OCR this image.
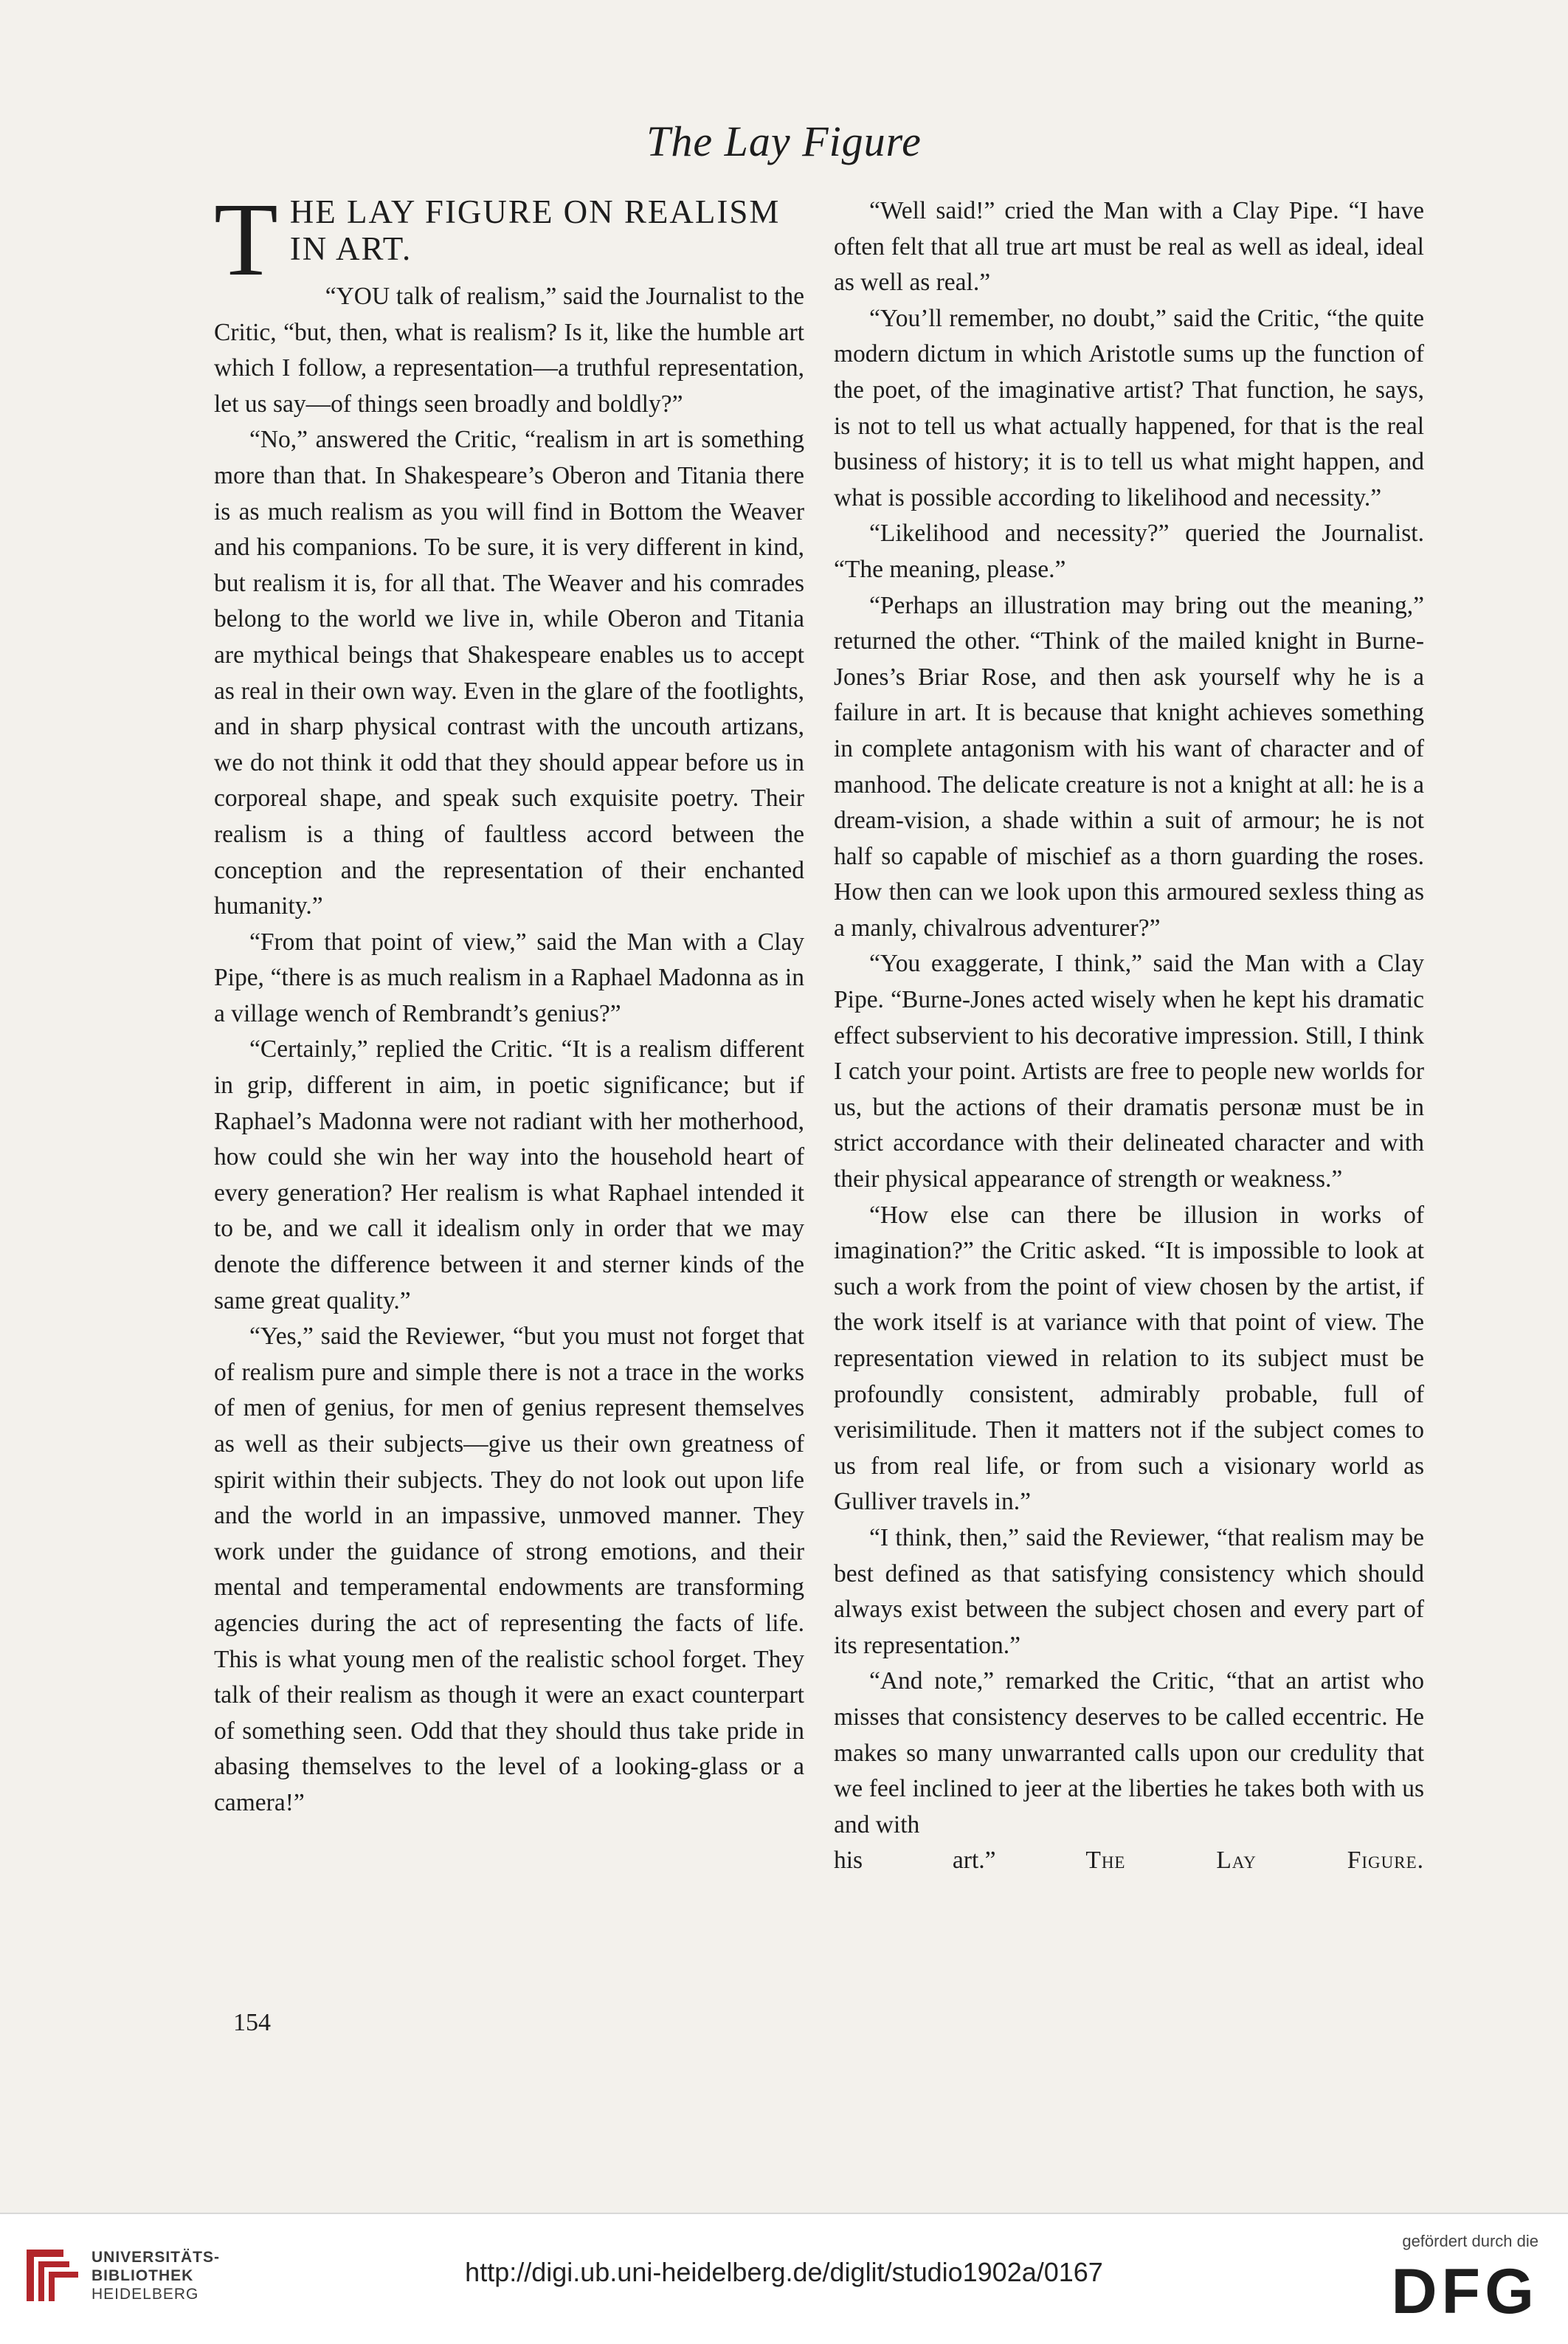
The Lay Figure
T HE LAY FIGURE ON REALISM IN ART.

“YOU talk of realism,” said the Journalist to the Critic, “but, then, what is realism? Is it, like the humble art which I follow, a representation—a truthful representation, let us say—of things seen broadly and boldly?”

“No,” answered the Critic, “realism in art is something more than that. In Shakespeare’s Oberon and Titania there is as much realism as you will find in Bottom the Weaver and his companions. To be sure, it is very different in kind, but realism it is, for all that. The Weaver and his comrades belong to the world we live in, while Oberon and Titania are mythical beings that Shakespeare enables us to accept as real in their own way. Even in the glare of the footlights, and in sharp physical contrast with the uncouth artizans, we do not think it odd that they should appear before us in corporeal shape, and speak such exquisite poetry. Their realism is a thing of faultless accord between the conception and the representation of their enchanted humanity.”

“From that point of view,” said the Man with a Clay Pipe, “there is as much realism in a Raphael Madonna as in a village wench of Rembrandt’s genius?”

“Certainly,” replied the Critic. “It is a realism different in grip, different in aim, in poetic significance; but if Raphael’s Madonna were not radiant with her motherhood, how could she win her way into the household heart of every generation? Her realism is what Raphael intended it to be, and we call it idealism only in order that we may denote the difference between it and sterner kinds of the same great quality.”

“Yes,” said the Reviewer, “but you must not forget that of realism pure and simple there is not a trace in the works of men of genius, for men of genius represent themselves as well as their subjects—give us their own greatness of spirit within their subjects. They do not look out upon life and the world in an impassive, unmoved manner. They work under the guidance of strong emotions, and their mental and temperamental endowments are transforming agencies during the act of representing the facts of life. This is what young men of the realistic school forget. They talk of their realism as though it were an exact counterpart of something seen. Odd that they should thus take pride in abasing themselves to the level of a looking-glass or a camera!”

“Well said!” cried the Man with a Clay Pipe. “I have often felt that all true art must be real as well as ideal, ideal as well as real.”

“You’ll remember, no doubt,” said the Critic, “the quite modern dictum in which Aristotle sums up the function of the poet, of the imaginative artist? That function, he says, is not to tell us what actually happened, for that is the real business of history; it is to tell us what might happen, and what is possible according to likelihood and necessity.”

“Likelihood and necessity?” queried the Journalist. “The meaning, please.”

“Perhaps an illustration may bring out the meaning,” returned the other. “Think of the mailed knight in Burne-Jones’s Briar Rose, and then ask yourself why he is a failure in art. It is because that knight achieves something in complete antagonism with his want of character and of manhood. The delicate creature is not a knight at all: he is a dream-vision, a shade within a suit of armour; he is not half so capable of mischief as a thorn guarding the roses. How then can we look upon this armoured sexless thing as a manly, chivalrous adventurer?”

“You exaggerate, I think,” said the Man with a Clay Pipe. “Burne-Jones acted wisely when he kept his dramatic effect subservient to his decorative impression. Still, I think I catch your point. Artists are free to people new worlds for us, but the actions of their dramatis personæ must be in strict accordance with their delineated character and with their physical appearance of strength or weakness.”

“How else can there be illusion in works of imagination?” the Critic asked. “It is impossible to look at such a work from the point of view chosen by the artist, if the work itself is at variance with that point of view. The representation viewed in relation to its subject must be profoundly consistent, admirably probable, full of verisimilitude. Then it matters not if the subject comes to us from real life, or from such a visionary world as Gulliver travels in.”

“I think, then,” said the Reviewer, “that realism may be best defined as that satisfying consistency which should always exist between the subject chosen and every part of its representation.”

“And note,” remarked the Critic, “that an artist who misses that consistency deserves to be called eccentric. He makes so many unwarranted calls upon our credulity that we feel inclined to jeer at the liberties he takes both with us and with

his art.”	The Lay Figure.

154
UNIVERSITÄTS-
BIBLIOTHEK
HEIDELBERG
http://digi.ub.uni-heidelberg.de/diglit/studio1902a/0167
gefördert durch die
DFG
